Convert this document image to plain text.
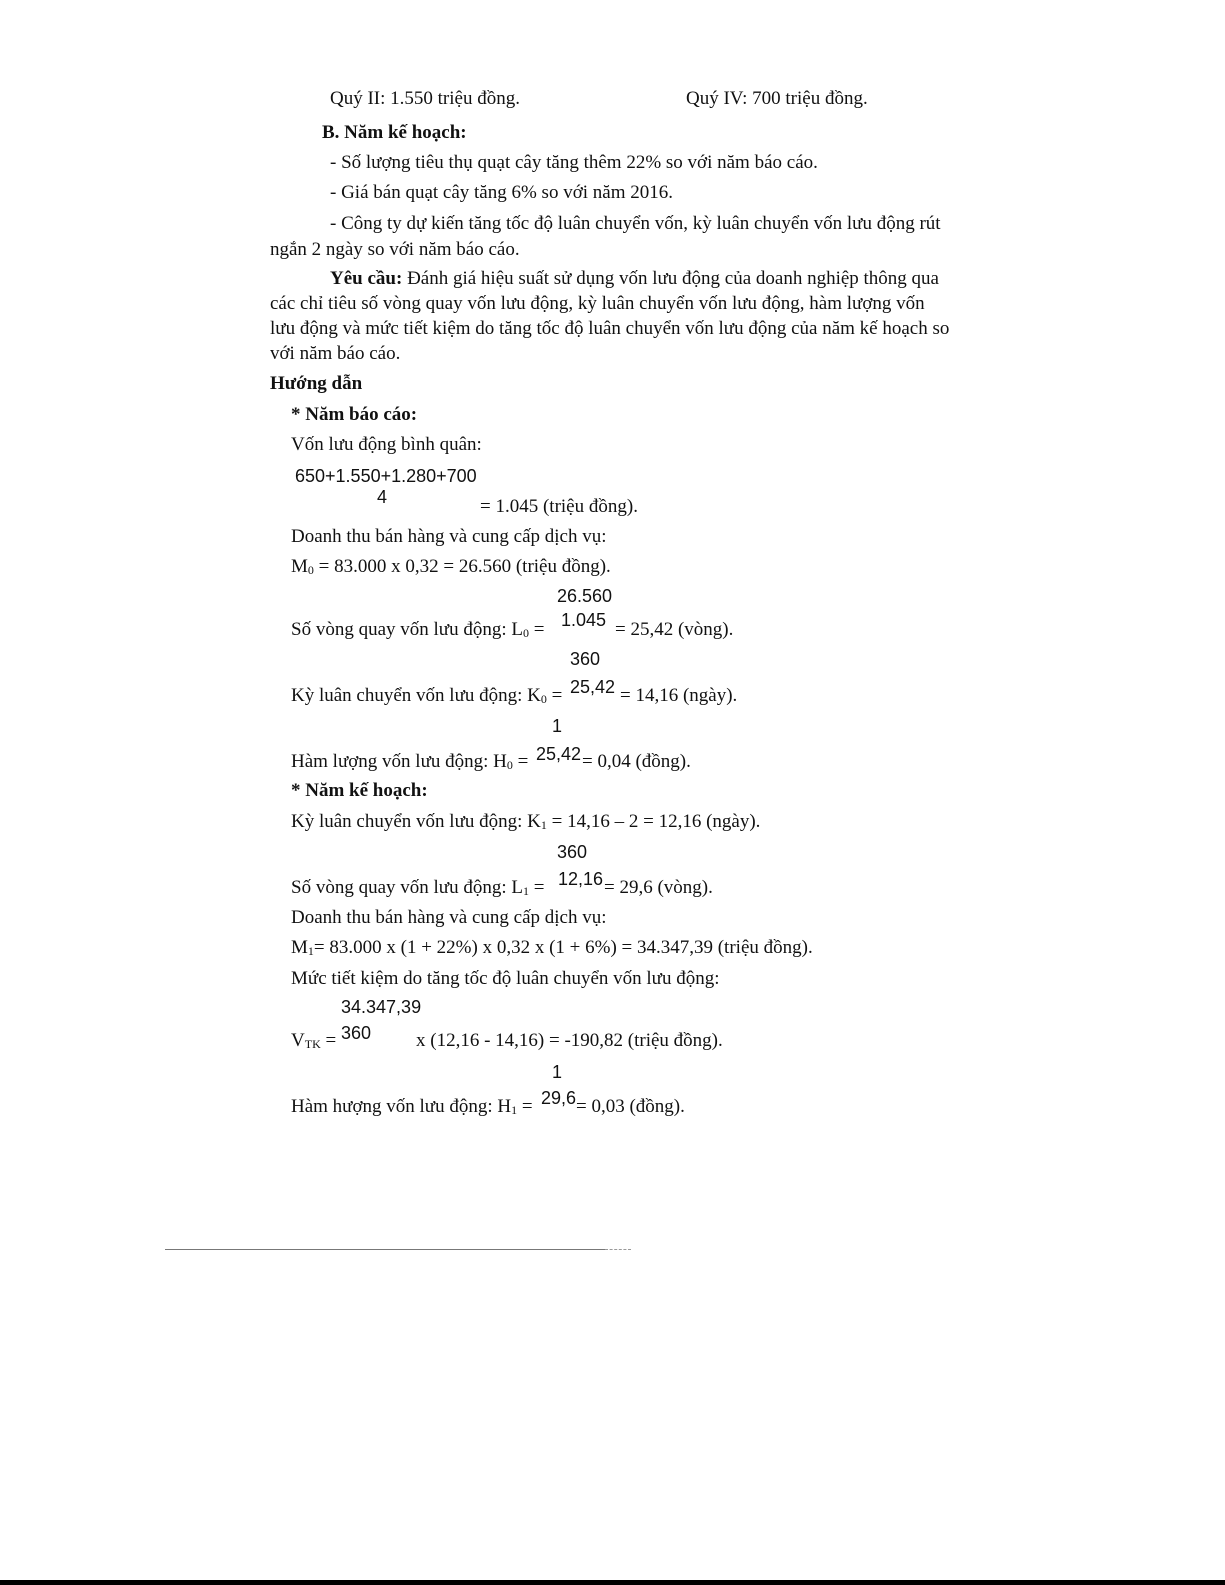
Quý II: 1.550 triệu đồng.	Quý IV: 700 triệu đồng.
B. Năm kế hoạch:
- Số lượng tiêu thụ quạt cây tăng thêm 22% so với năm báo cáo.
- Giá bán quạt cây tăng 6% so với năm 2016.
- Công ty dự kiến tăng tốc độ luân chuyển vốn, kỳ luân chuyển vốn lưu động rút
ngắn 2 ngày so với năm báo cáo.
Yêu cầu: Đánh giá hiệu suất sử dụng vốn lưu động của doanh nghiệp thông qua
các chỉ tiêu số vòng quay vốn lưu động, kỳ luân chuyển vốn lưu động, hàm lượng vốn
lưu động và mức tiết kiệm do tăng tốc độ luân chuyển vốn lưu động của năm kế hoạch so
với năm báo cáo.
Hướng dẫn
* Năm báo cáo:
Vốn lưu động bình quân:
650+1.550+1.280+700
4	= 1.045 (triệu đồng).
Doanh thu bán hàng và cung cấp dịch vụ:
$M_0 = 83.000$ x 0,32 = 26.560 (triệu đồng).
26.560
Số vòng quay vốn lưu động: $L_0 = 1.045 = 25,42$ (vòng).
360
Kỳ luân chuyển vốn lưu động: $K_0 = 25,42 = 14,16$ (ngày).
1
Hàm lượng vốn lưu động: $H_0 = 25,42 = 0,04$ (đồng).
* Năm kế hoạch:
Kỳ luân chuyển vốn lưu động: $K_1 = 14,16 - 2 = 12,16$ (ngày).
360
Số vòng quay vốn lưu động: $L_1 = 12,16 = 29,6$ (vòng).
Doanh thu bán hàng và cung cấp dịch vụ:
$M_1= 83.000$ x (1 + 22%) x 0,32 x (1 + 6%) = 34.347,39 (triệu đồng).
Mức tiết kiệm do tăng tốc độ luân chuyển vốn lưu động:
34.347,39
$V_{TK} = 360$ x (12,16 - 14,16) = -190,82 (triệu đồng).
1
Hàm hượng vốn lưu động: $H_1 = 29,6 = 0,03$ (đồng).
